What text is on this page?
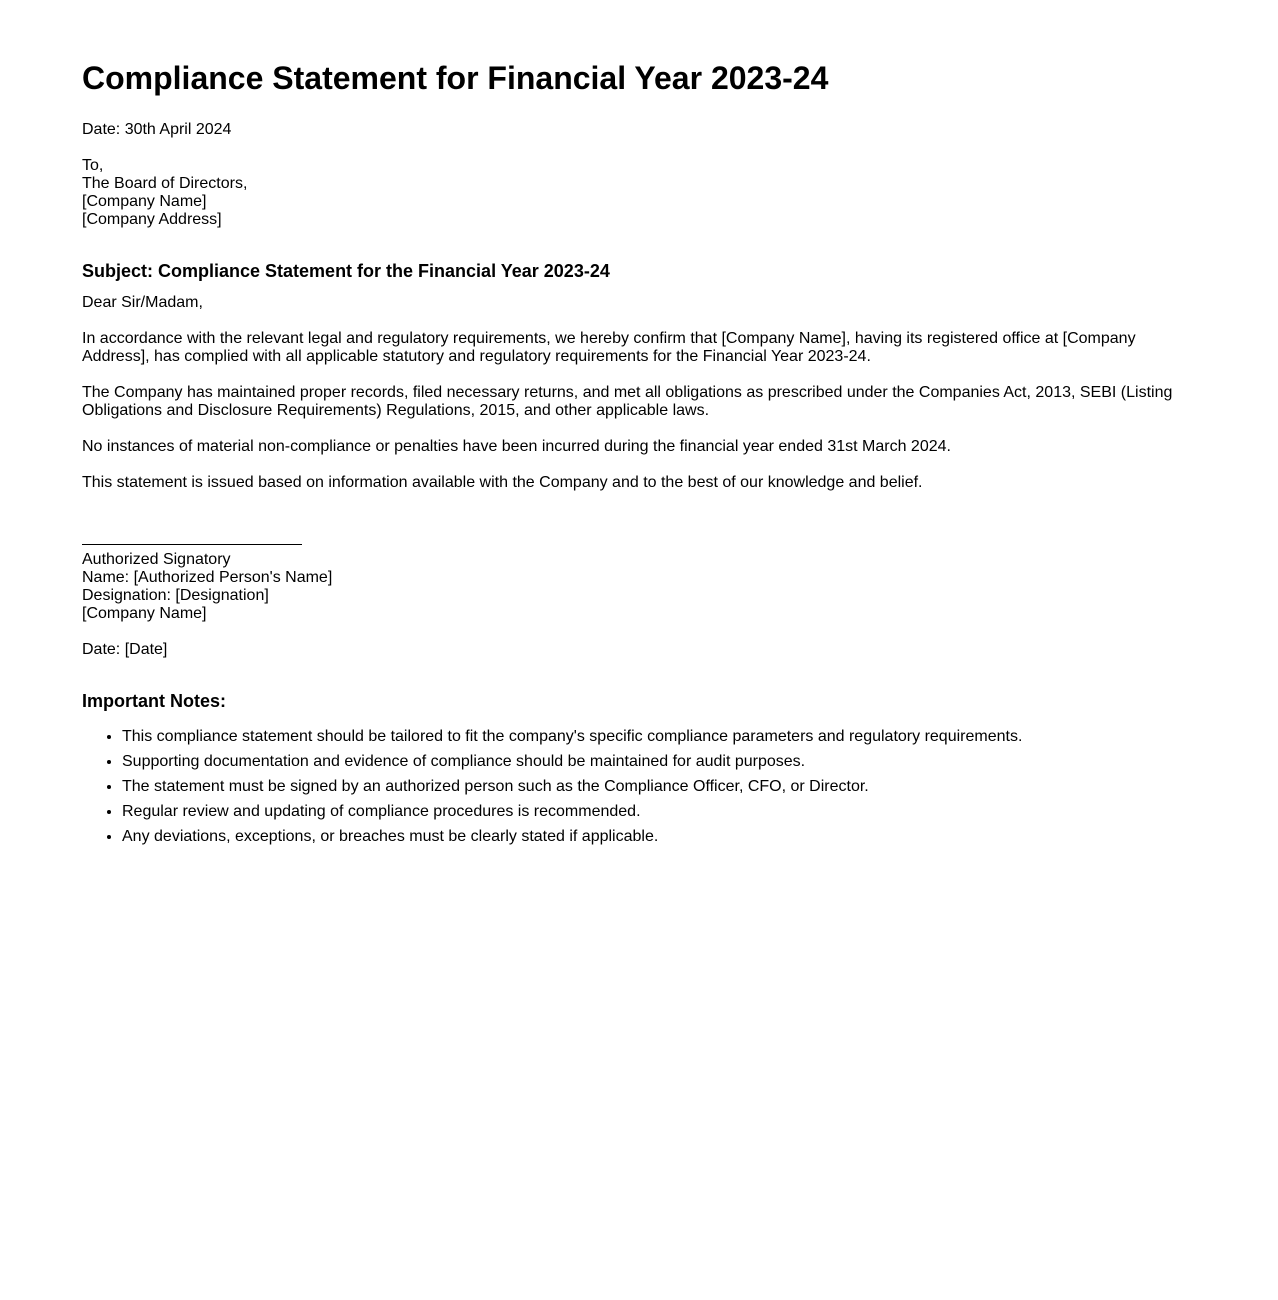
Compliance Statement for Financial Year 2023-24
Date: 30th April 2024
To,
The Board of Directors,
[Company Name]
[Company Address]
Subject: Compliance Statement for the Financial Year 2023-24
Dear Sir/Madam,
In accordance with the relevant legal and regulatory requirements, we hereby confirm that [Company Name], having its registered office at [Company Address], has complied with all applicable statutory and regulatory requirements for the Financial Year 2023-24.
The Company has maintained proper records, filed necessary returns, and met all obligations as prescribed under the Companies Act, 2013, SEBI (Listing Obligations and Disclosure Requirements) Regulations, 2015, and other applicable laws.
No instances of material non-compliance or penalties have been incurred during the financial year ended 31st March 2024.
This statement is issued based on information available with the Company and to the best of our knowledge and belief.
Authorized Signatory
Name: [Authorized Person's Name]
Designation: [Designation]
[Company Name]
Date: [Date]
Important Notes:
• This compliance statement should be tailored to fit the company's specific compliance parameters and regulatory requirements.
• Supporting documentation and evidence of compliance should be maintained for audit purposes.
• The statement must be signed by an authorized person such as the Compliance Officer, CFO, or Director.
• Regular review and updating of compliance procedures is recommended.
• Any deviations, exceptions, or breaches must be clearly stated if applicable.
